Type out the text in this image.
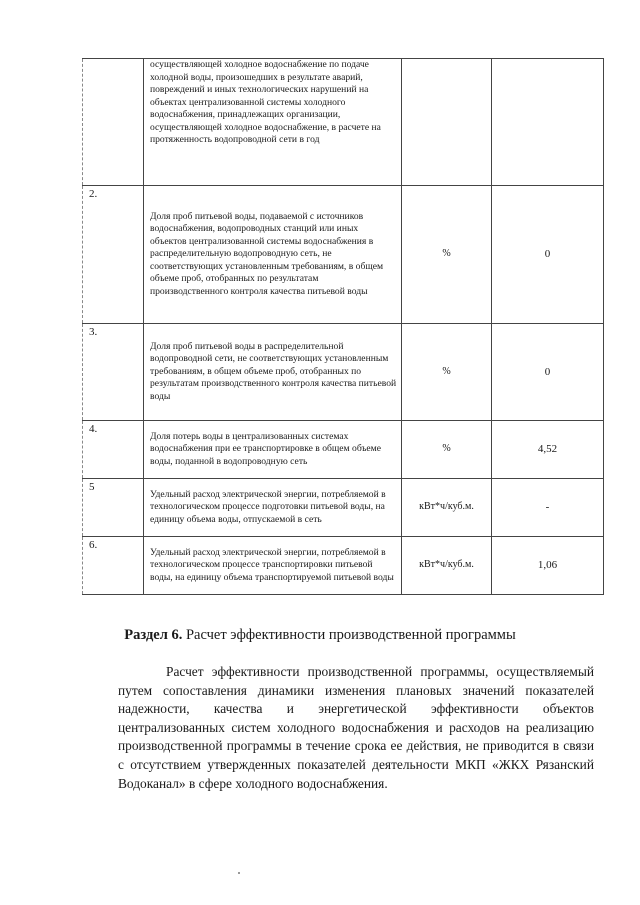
	осуществляющей холодное водоснабжение по подаче холодной воды, произошедших в результате аварий, повреждений и иных технологических нарушений на объектах централизованной системы холодного водоснабжения, принадлежащих организации, осуществляющей холодное водоснабжение, в расчете на протяженность водопроводной сети в год		
2.	Доля проб питьевой воды, подаваемой с источников водоснабжения, водопроводных станций или иных объектов централизованной системы водоснабжения в распределительную водопроводную сеть, не соответствующих установленным требованиям, в общем объеме проб, отобранных по результатам производственного контроля качества питьевой воды	%	0
3.	Доля проб питьевой воды в распределительной водопроводной сети, не соответствующих установленным требованиям, в общем объеме проб, отобранных по результатам производственного контроля качества питьевой воды	%	0
4.	Доля потерь воды в централизованных системах водоснабжения при ее транспортировке в общем объеме воды, поданной в водопроводную сеть	%	4,52
5	Удельный расход электрической энергии, потребляемой в технологическом процессе подготовки питьевой воды, на единицу объема воды, отпускаемой в сеть	кВт*ч/куб.м.	-
6.	Удельный расход электрической энергии, потребляемой в технологическом процессе транспортировки питьевой воды, на единицу объема транспортируемой питьевой воды	кВт*ч/куб.м.	1,06
Раздел 6. Расчет эффективности производственной программы
Расчет эффективности производственной программы, осуществляемый путем сопоставления динамики изменения плановых значений показателей надежности, качества и энергетической эффективности объектов централизованных систем холодного водоснабжения и расходов на реализацию производственной программы в течение срока ее действия, не приводится в связи с отсутствием утвержденных показателей деятельности МКП «ЖКХ Рязанский Водоканал» в сфере холодного водоснабжения.
